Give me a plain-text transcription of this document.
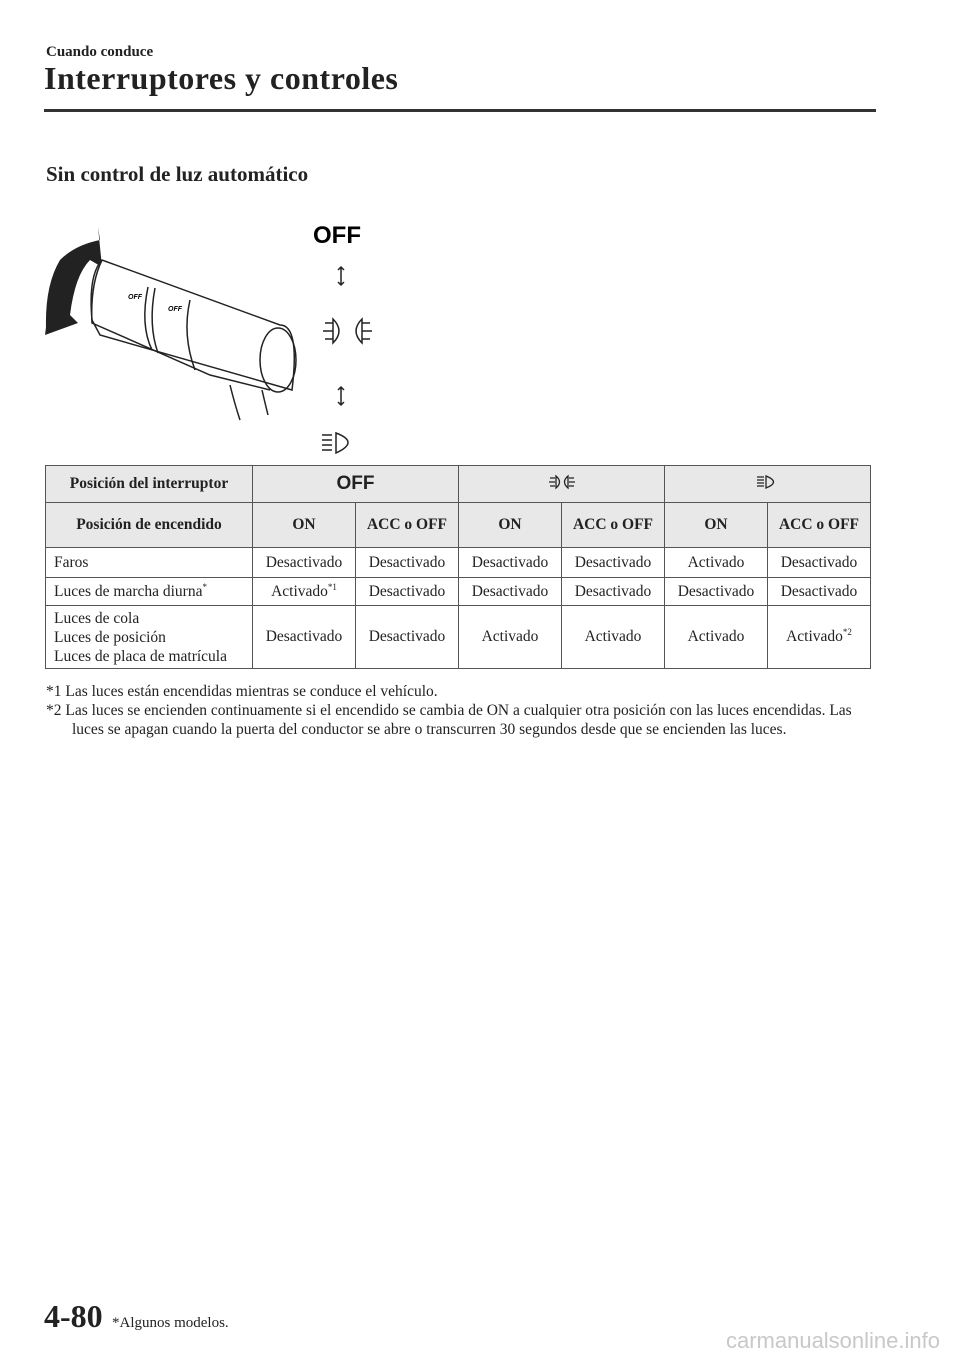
Cuando conduce
Interruptores y controles
Sin control de luz automático
OFF
OFF
OFF
Posición del interruptor	OFF		
Posición de encendido	ON	ACC o OFF	ON	ACC o OFF	ON	ACC o OFF
Faros	Desactivado	Desactivado	Desactivado	Desactivado	Activado	Desactivado
Luces de marcha diurna*	Activado$^{*1}$	Desactivado	Desactivado	Desactivado	Desactivado	Desactivado

Luces de cola
Luces de posición
Luces de placa de matrícula	Desactivado	Desactivado	Activado	Activado	Activado	Activado$^{*2}$
*1 Las luces están encendidas mientras se conduce el vehículo.
*2 Las luces se encienden continuamente si el encendido se cambia de ON a cualquier otra posición con las luces encendidas. Las luces se apagan cuando la puerta del conductor se abre o transcurren 30 segundos desde que se encienden las luces.
4-80 *Algunos modelos.
carmanualsonline.info
